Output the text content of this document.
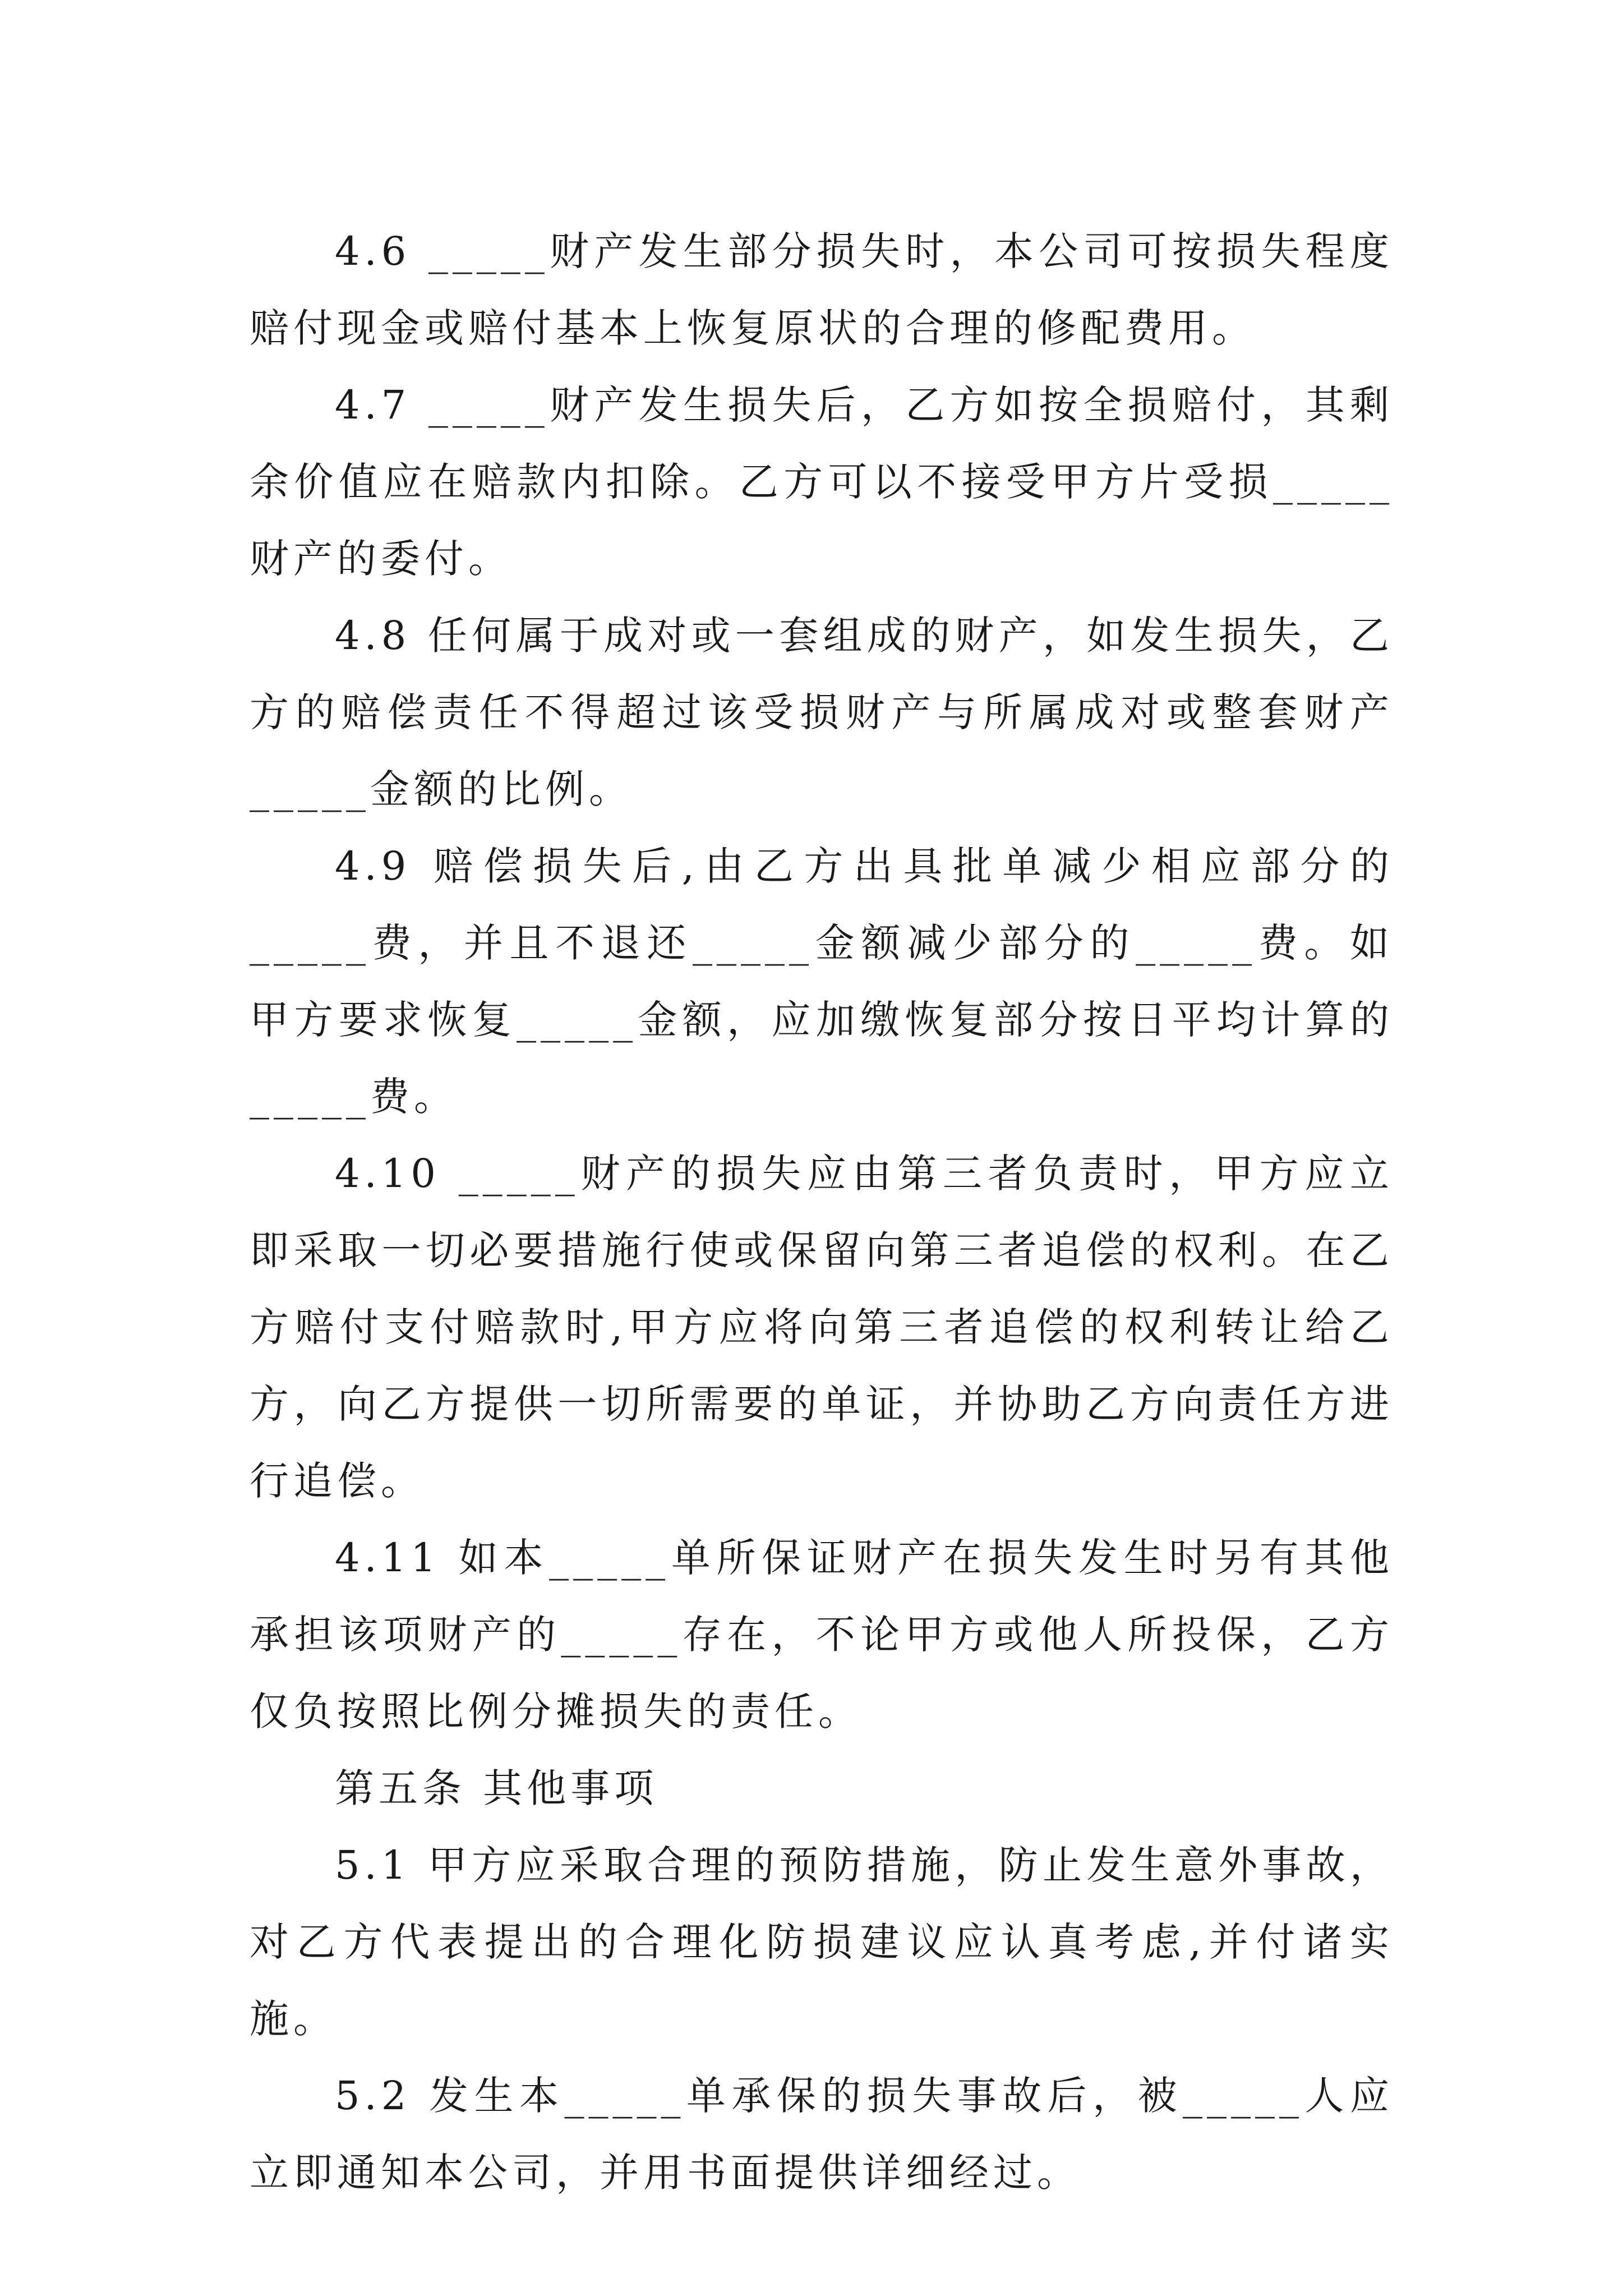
4.6 _____财产发生部分损失时，本公司可按损失程度赔付现金或赔付基本上恢复原状的合理的修配费用。

4.7 _____财产发生损失后，乙方如按全损赔付，其剩余价值应在赔款内扣除。乙方可以不接受甲方片受损_____财产的委付。

4.8 任何属于成对或一套组成的财产，如发生损失，乙方的赔偿责任不得超过该受损财产与所属成对或整套财产_____金额的比例。

4.9 赔偿损失后,由乙方出具批单减少相应部分的_____费，并且不退还_____金额减少部分的_____费。如甲方要求恢复_____金额，应加缴恢复部分按日平均计算的_____费。

4.10 _____财产的损失应由第三者负责时，甲方应立即采取一切必要措施行使或保留向第三者追偿的权利。在乙方赔付支付赔款时,甲方应将向第三者追偿的权利转让给乙方，向乙方提供一切所需要的单证，并协助乙方向责任方进行追偿。

4.11 如本_____单所保证财产在损失发生时另有其他承担该项财产的_____存在，不论甲方或他人所投保，乙方仅负按照比例分摊损失的责任。

第五条 其他事项

5.1 甲方应采取合理的预防措施，防止发生意外事故，对乙方代表提出的合理化防损建议应认真考虑,并付诸实施。

5.2 发生本_____单承保的损失事故后，被_____人应立即通知本公司，并用书面提供详细经过。
